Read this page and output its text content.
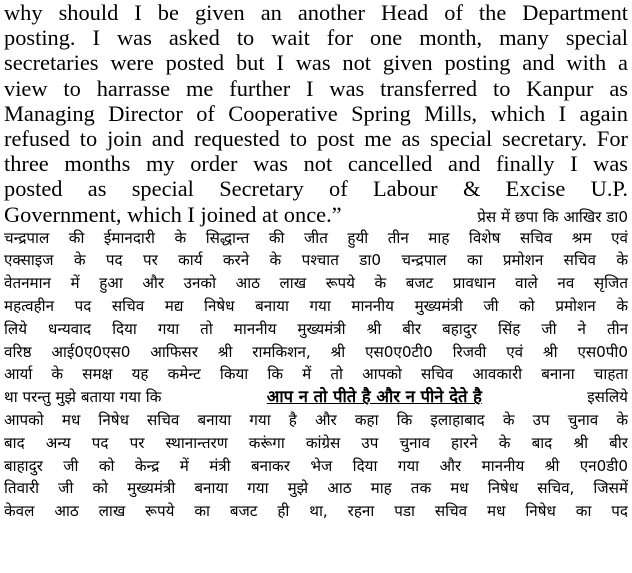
why should I be given an another Head of the Department
posting. I was asked to wait for one month, many special
secretaries were posted but I was not given posting and with a
view to harrasse me further I was transferred to Kanpur as
Managing Director of Cooperative Spring Mills, which I again
refused to join and requested to post me as special secretary. For
three months my order was not cancelled and finally I was
posted as special Secretary of Labour & Excise U.P.
Government, which I joined at once.”	प्रेस में छपा कि आखिर डा0
चन्द्रपाल की ईमानदारी के सिद्धान्त की जीत हुयी तीन माह विशेष सचिव श्रम एवं
एक्साइज के पद पर कार्य करने के पश्चात डा0 चन्द्रपाल का प्रमोशन सचिव के
वेतनमान में हुआ और उनको आठ लाख रूपये के बजट प्रावधान वाले नव सृजित
महत्वहीन पद सचिव मद्य निषेध बनाया गया माननीय मुख्यमंत्री जी को प्रमोशन के
लिये धन्यवाद दिया गया तो माननीय मुख्यमंत्री श्री बीर बहादुर सिंह जी ने तीन
वरिष्ठ आई0ए0एस0 आफिसर श्री रामकिशन, श्री एस0ए0टी0 रिजवी एवं श्री एस0पी0
आर्या के समक्ष यह कमेन्ट किया कि में तो आपको सचिव आवकारी बनाना चाहता
था परन्तु मुझे बताया गया कि	आप न तो पीते है और न पीने देते है	इसलिये
आपको मध निषेध सचिव बनाया गया है और कहा कि इलाहाबाद के उप चुनाव के
बाद अन्य पद पर स्थानान्तरण करूंगा कांग्रेस उप चुनाव हारने के बाद श्री बीर
बाहादुर जी को केन्द्र में मंत्री बनाकर भेज दिया गया और माननीय श्री एन0डी0
तिवारी जी को मुख्यमंत्री बनाया गया मुझे आठ माह तक मध निषेध सचिव, जिसमें
केवल आठ लाख रूपये का बजट ही था, रहना पडा सचिव मध निषेध का पद
